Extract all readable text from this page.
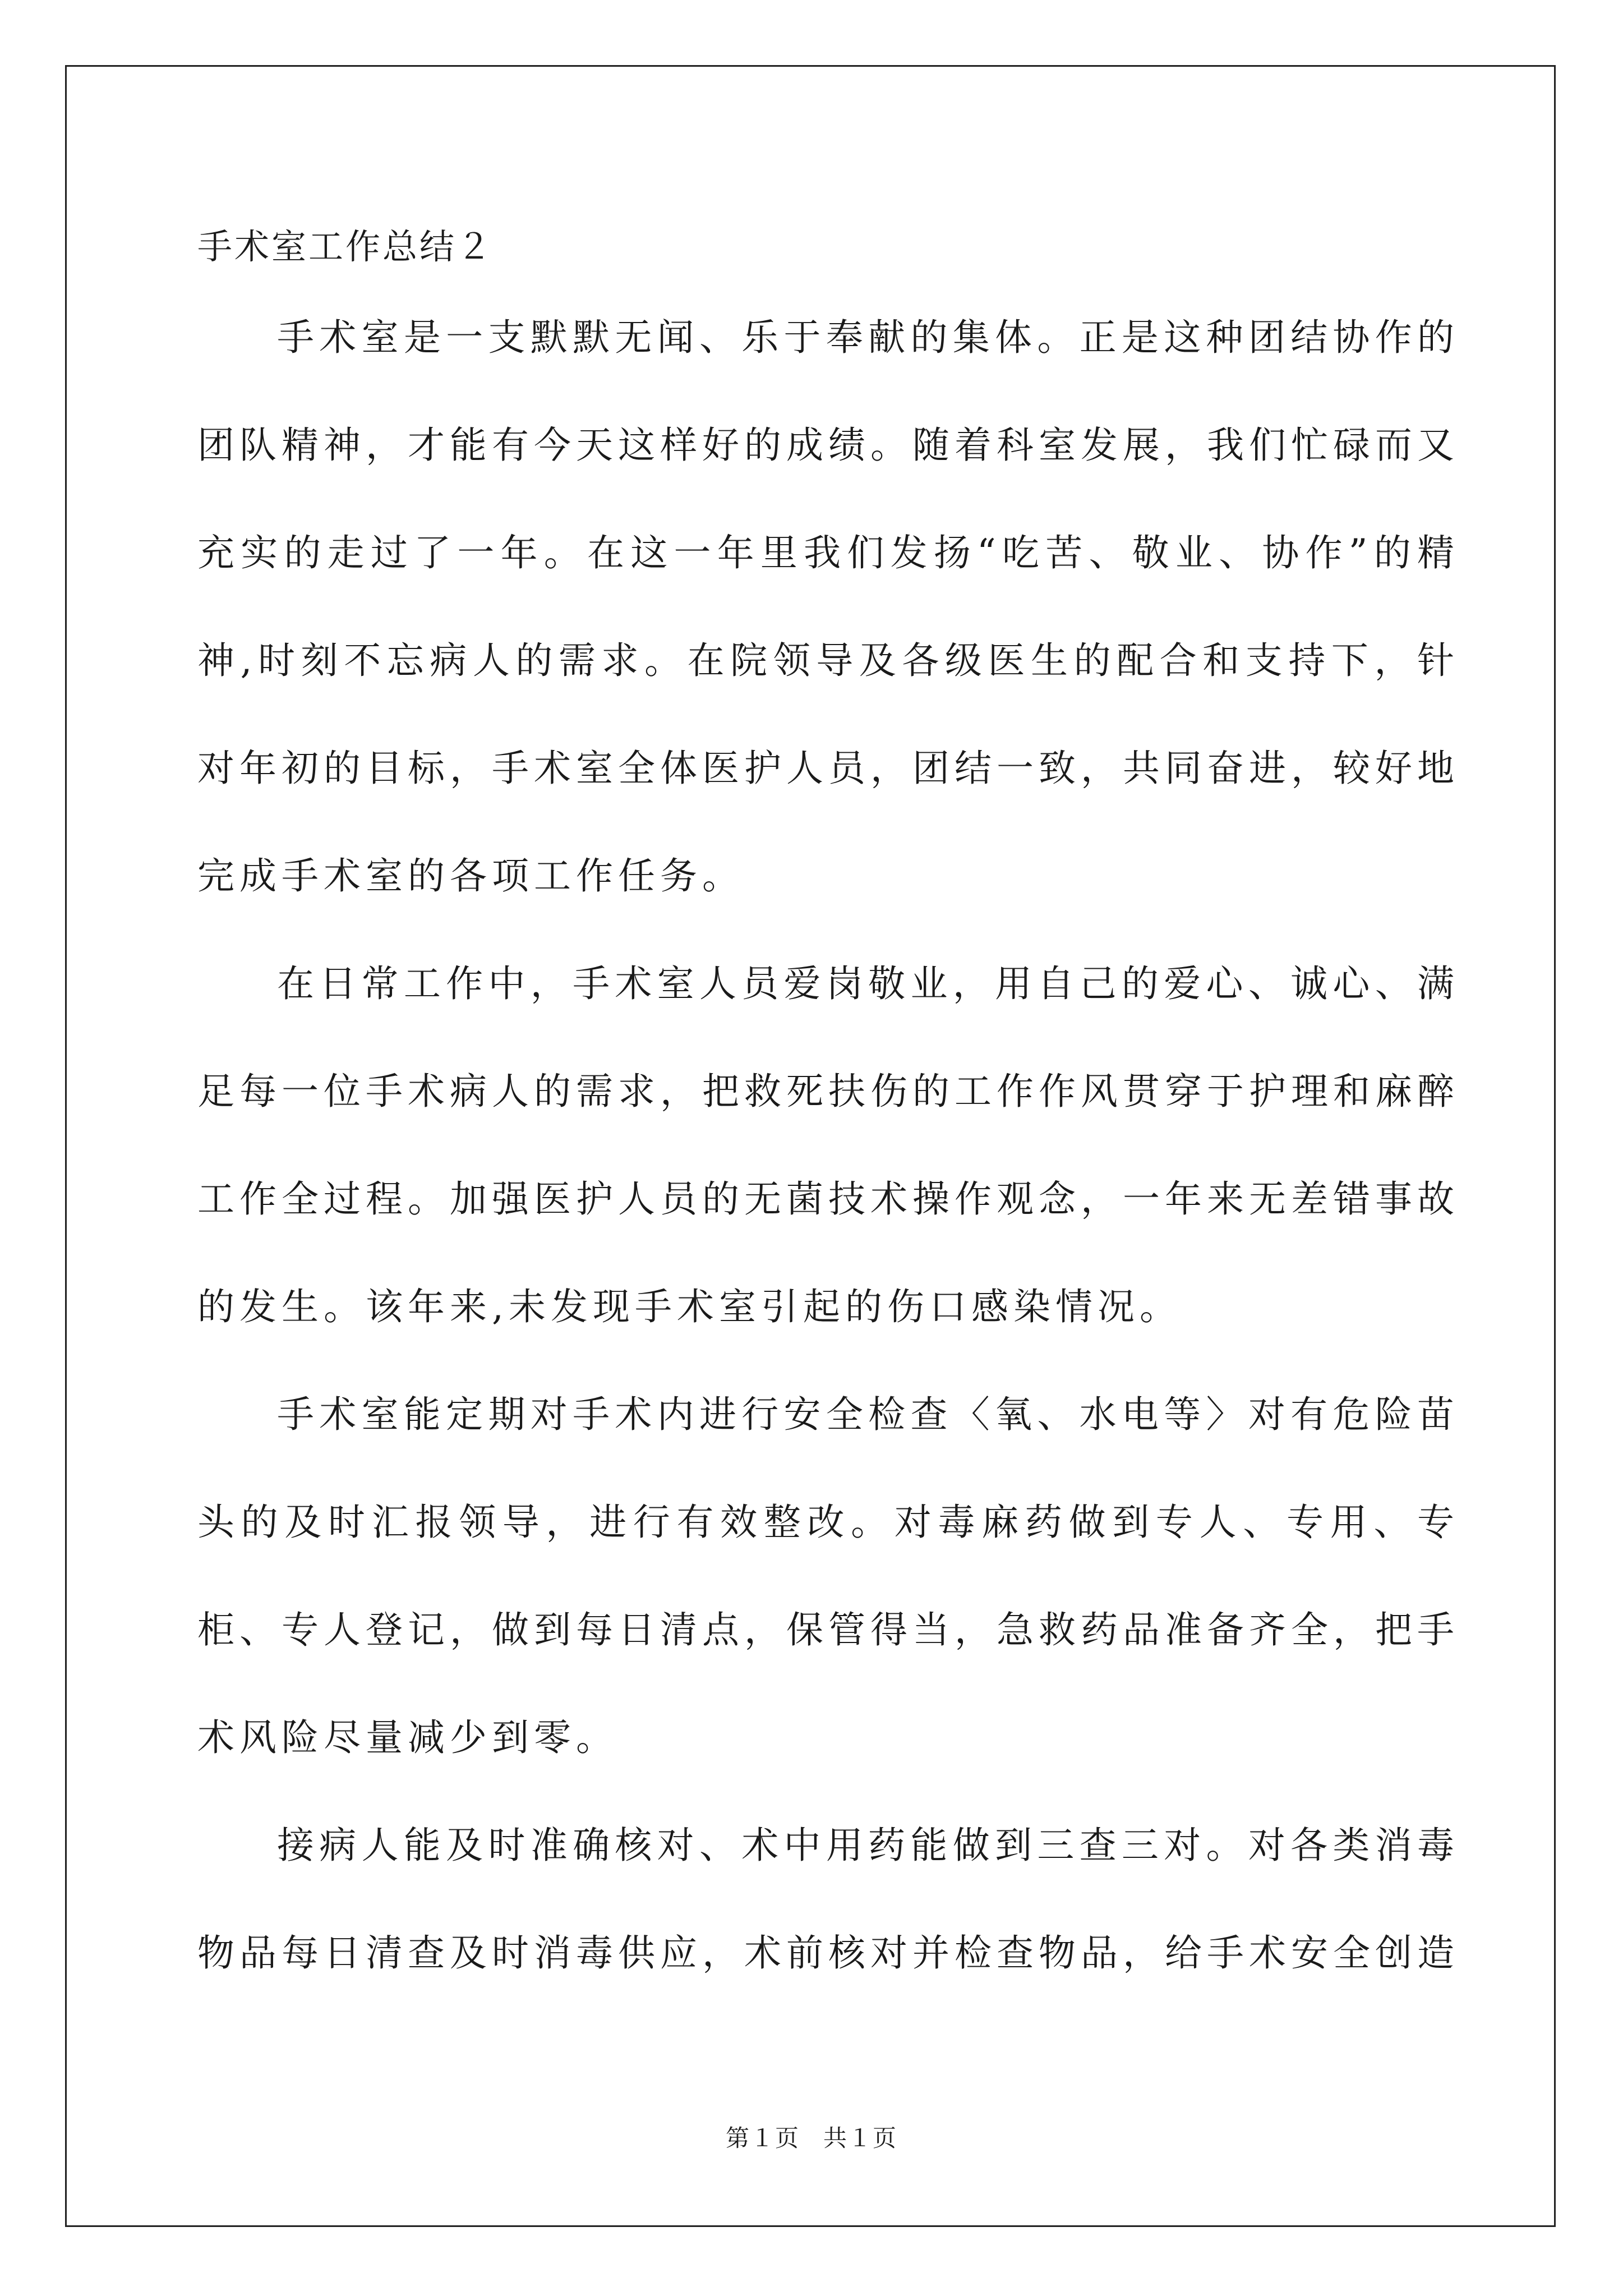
手术室工作总结２

手术室是一支默默无闻、乐于奉献的集体。正是这种团结协作的团队精神，才能有今天这样好的成绩。随着科室发展，我们忙碌而又充实的走过了一年。在这一年里我们发扬“吃苦、敬业、协作”的精神,时刻不忘病人的需求。在院领导及各级医生的配合和支持下，针对年初的目标，手术室全体医护人员，团结一致，共同奋进，较好地完成手术室的各项工作任务。

在日常工作中，手术室人员爱岗敬业，用自己的爱心、诚心、满足每一位手术病人的需求，把救死扶伤的工作作风贯穿于护理和麻醉工作全过程。加强医护人员的无菌技术操作观念，一年来无差错事故的发生。该年来,未发现手术室引起的伤口感染情况。

手术室能定期对手术内进行安全检查〈氧、水电等〉对有危险苗头的及时汇报领导，进行有效整改。对毒麻药做到专人、专用、专柜、专人登记，做到每日清点，保管得当，急救药品准备齐全，把手术风险尽量减少到零。

接病人能及时准确核对、术中用药能做到三查三对。对各类消毒物品每日清查及时消毒供应，术前核对并检查物品，给手术安全创造

第１页 共１页
